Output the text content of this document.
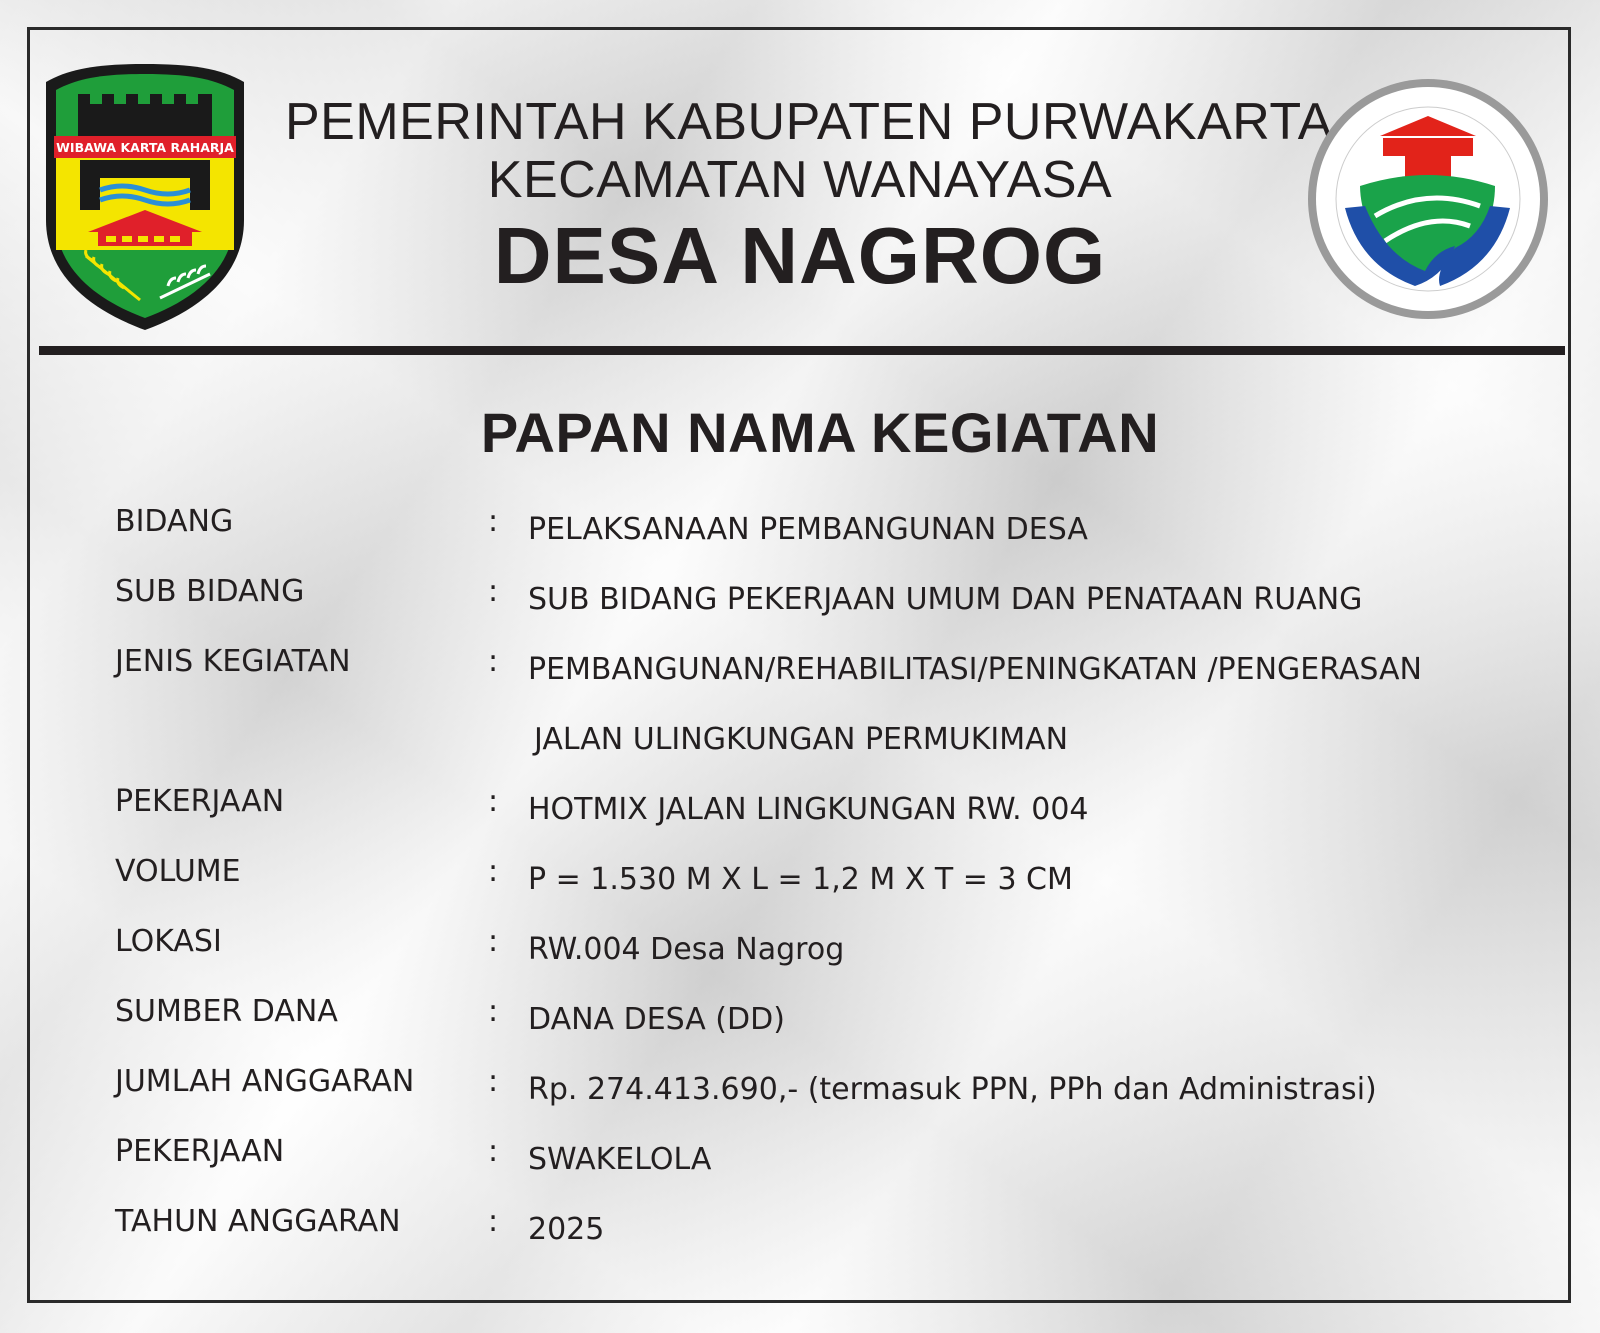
WIBAWA KARTA RAHARJA PEMERINTAH KABUPATEN PURWAKARTA
KECAMATAN WANAYASA
DESA NAGROG
PAPAN NAMA KEGIATAN
BIDANG	: PELAKSANAAN PEMBANGUNAN DESA
SUB BIDANG	: SUB BIDANG PEKERJAAN UMUM DAN PENATAAN RUANG
JENIS KEGIATAN	: PEMBANGUNAN/REHABILITASI/PENINGKATAN /PENGERASAN
JALAN ULINGKUNGAN PERMUKIMAN
PEKERJAAN	: HOTMIX JALAN LINGKUNGAN RW. 004
VOLUME	: P = 1.530 M X L = 1,2 M X T = 3 CM
LOKASI	: RW.004 Desa Nagrog
SUMBER DANA	: DANA DESA (DD)
JUMLAH ANGGARAN : Rp. 274.413.690,- (termasuk PPN, PPh dan Administrasi)
PEKERJAAN	: SWAKELOLA
TAHUN ANGGARAN	: 2025
